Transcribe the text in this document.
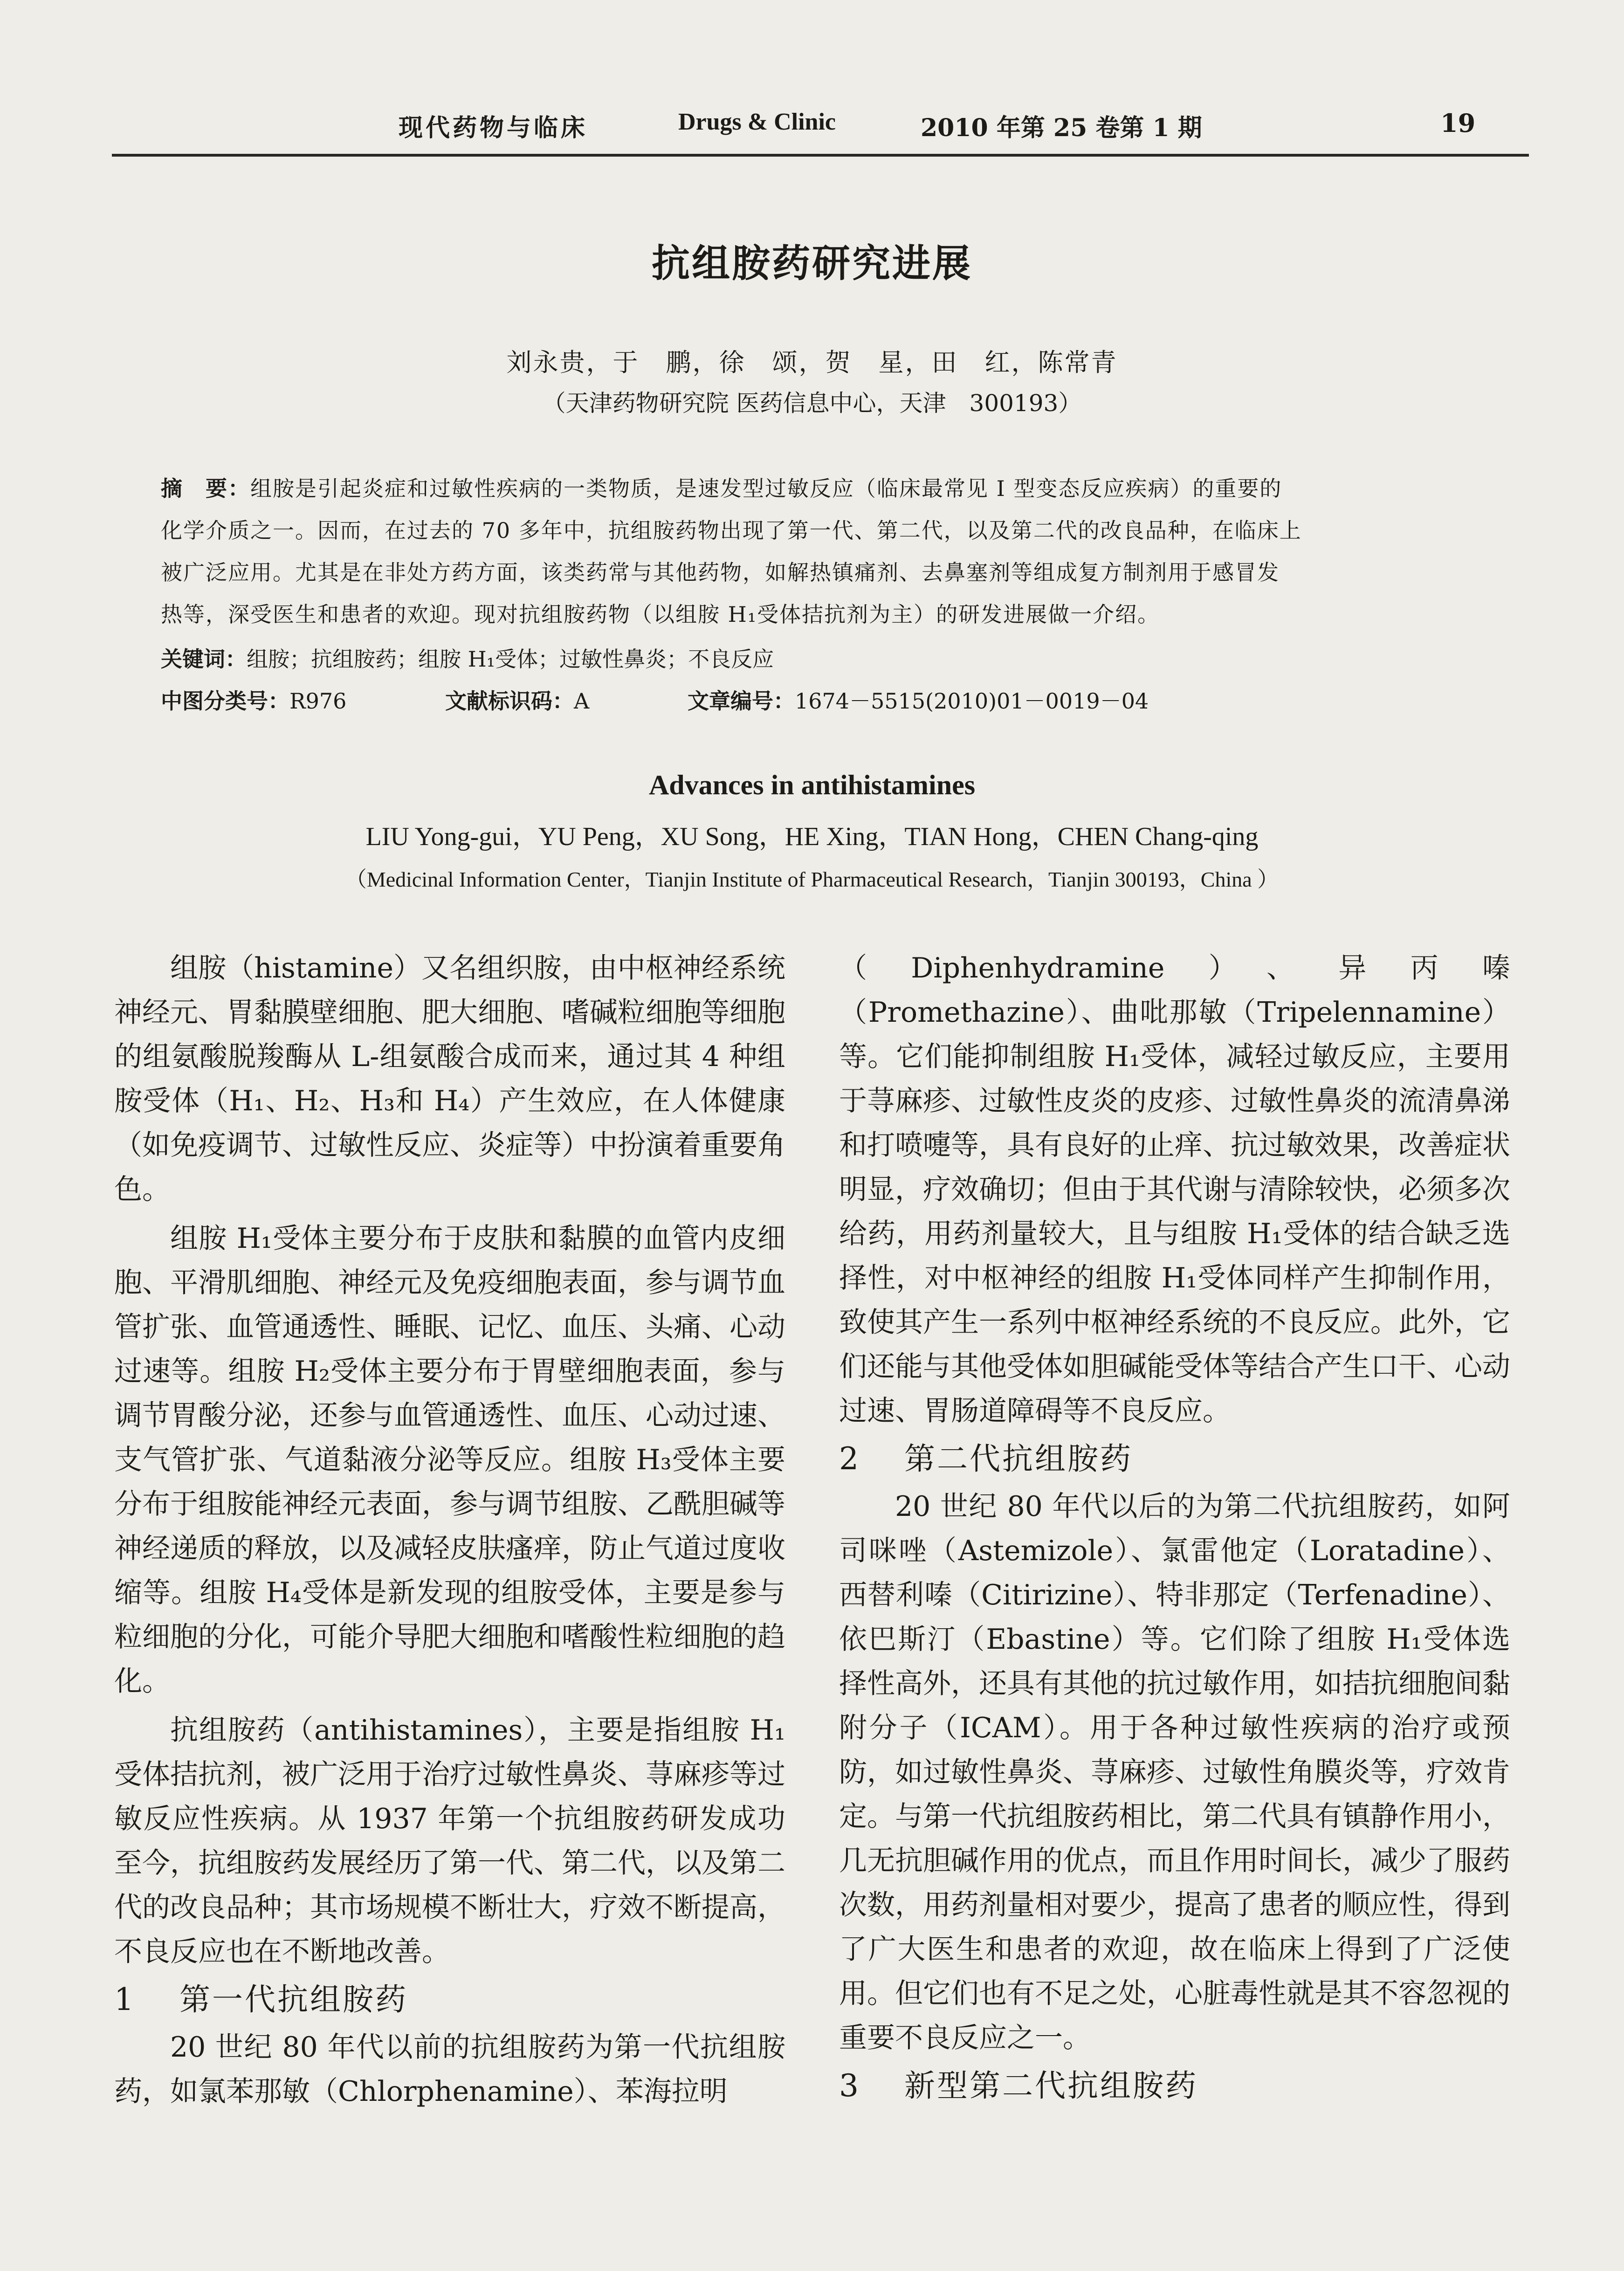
现代药物与临床	Drugs & Clinic	2010 年第 25 卷第 1 期	19
抗组胺药研究进展
刘永贵，于　鹏，徐　颂，贺　星，田　红，陈常青
（天津药物研究院 医药信息中心，天津　300193）
摘　要：组胺是引起炎症和过敏性疾病的一类物质，是速发型过敏反应（临床最常见 I 型变态反应疾病）的重要的
化学介质之一。因而，在过去的 70 多年中，抗组胺药物出现了第一代、第二代，以及第二代的改良品种，在临床上
被广泛应用。尤其是在非处方药方面，该类药常与其他药物，如解热镇痛剂、去鼻塞剂等组成复方制剂用于感冒发
热等，深受医生和患者的欢迎。现对抗组胺药物（以组胺 H₁受体拮抗剂为主）的研发进展做一介绍。
关键词：组胺；抗组胺药；组胺 H₁受体；过敏性鼻炎；不良反应
中图分类号：R976	文献标识码：A	文章编号：1674－5515(2010)01－0019－04
Advances in antihistamines
LIU Yong-gui，YU Peng，XU Song，HE Xing，TIAN Hong，CHEN Chang-qing
（Medicinal Information Center，Tianjin Institute of Pharmaceutical Research，Tianjin 300193，China ）

组胺（histamine）又名组织胺，由中枢神经系统神经元、胃黏膜壁细胞、肥大细胞、嗜碱粒细胞等细胞的组氨酸脱羧酶从 L-组氨酸合成而来，通过其 4 种组胺受体（H₁、H₂、H₃和 H₄）产生效应，在人体健康（如免疫调节、过敏性反应、炎症等）中扮演着重要角色。

组胺 H₁受体主要分布于皮肤和黏膜的血管内皮细胞、平滑肌细胞、神经元及免疫细胞表面，参与调节血管扩张、血管通透性、睡眠、记忆、血压、头痛、心动过速等。组胺 H₂受体主要分布于胃壁细胞表面，参与调节胃酸分泌，还参与血管通透性、血压、心动过速、支气管扩张、气道黏液分泌等反应。组胺 H₃受体主要分布于组胺能神经元表面，参与调节组胺、乙酰胆碱等神经递质的释放，以及减轻皮肤瘙痒，防止气道过度收缩等。组胺 H₄受体是新发现的组胺受体，主要是参与粒细胞的分化，可能介导肥大细胞和嗜酸性粒细胞的趋化。

抗组胺药（antihistamines），主要是指组胺 H₁受体拮抗剂，被广泛用于治疗过敏性鼻炎、荨麻疹等过敏反应性疾病。从 1937 年第一个抗组胺药研发成功至今，抗组胺药发展经历了第一代、第二代，以及第二代的改良品种；其市场规模不断壮大，疗效不断提高，不良反应也在不断地改善。

1 第一代抗组胺药

20 世纪 80 年代以前的抗组胺药为第一代抗组胺药，如氯苯那敏（Chlorphenamine）、苯海拉明

（Diphenhydramine）、异丙嗪（Promethazine）、曲吡那敏（Tripelennamine）等。它们能抑制组胺 H₁受体，减轻过敏反应，主要用于荨麻疹、过敏性皮炎的皮疹、过敏性鼻炎的流清鼻涕和打喷嚏等，具有良好的止痒、抗过敏效果，改善症状明显，疗效确切；但由于其代谢与清除较快，必须多次给药，用药剂量较大，且与组胺 H₁受体的结合缺乏选择性，对中枢神经的组胺 H₁受体同样产生抑制作用，致使其产生一系列中枢神经系统的不良反应。此外，它们还能与其他受体如胆碱能受体等结合产生口干、心动过速、胃肠道障碍等不良反应。

2 第二代抗组胺药

20 世纪 80 年代以后的为第二代抗组胺药，如阿司咪唑（Astemizole）、氯雷他定（Loratadine）、西替利嗪（Citirizine）、特非那定（Terfenadine）、依巴斯汀（Ebastine）等。它们除了组胺 H₁受体选择性高外，还具有其他的抗过敏作用，如拮抗细胞间黏附分子（ICAM）。用于各种过敏性疾病的治疗或预防，如过敏性鼻炎、荨麻疹、过敏性角膜炎等，疗效肯定。与第一代抗组胺药相比，第二代具有镇静作用小，几无抗胆碱作用的优点，而且作用时间长，减少了服药次数，用药剂量相对要少，提高了患者的顺应性，得到了广大医生和患者的欢迎，故在临床上得到了广泛使用。但它们也有不足之处，心脏毒性就是其不容忽视的重要不良反应之一。

3 新型第二代抗组胺药
